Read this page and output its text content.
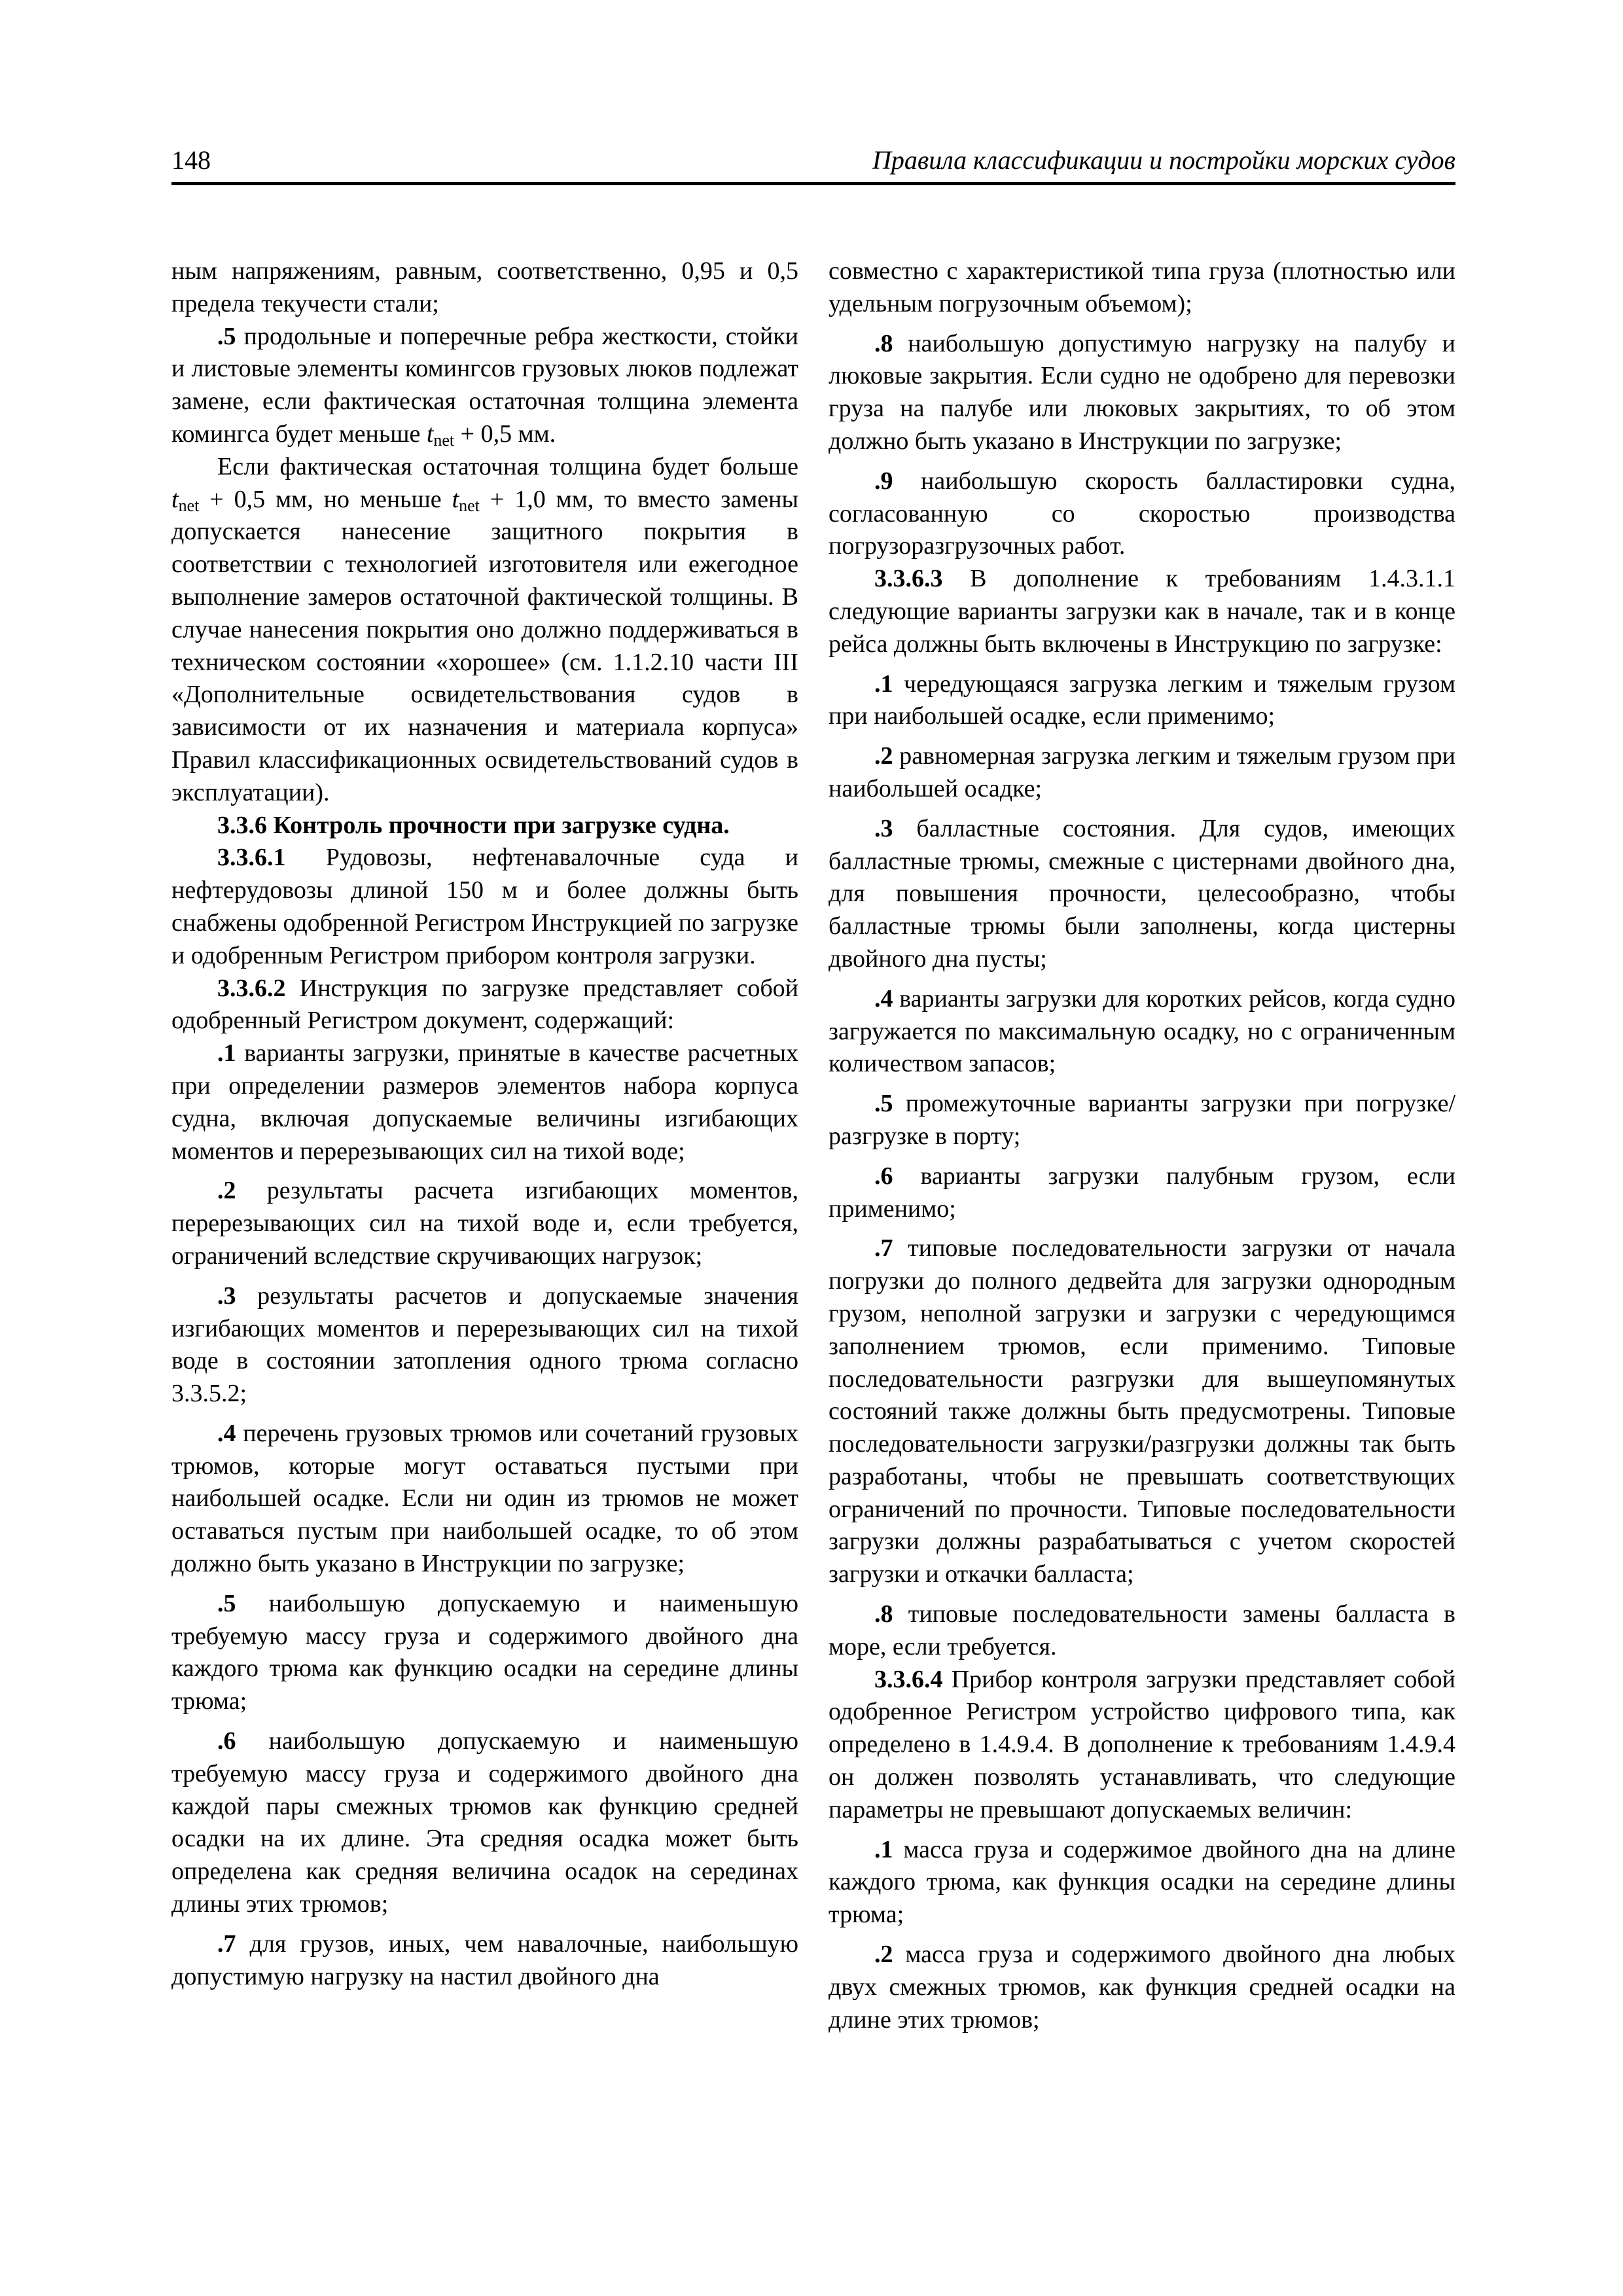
148	Правила классификации и постройки морских судов

ным напряжениям, равным, соответственно, 0,95 и 0,5 предела текучести стали;

.5 продольные и поперечные ребра жесткости, стойки и листовые элементы комингсов грузовых люков подлежат замене, если фактическая остаточная толщина элемента комингса будет меньше $t_{net} + 0,5$ мм.

Если фактическая остаточная толщина будет больше $t_{net} + 0,5$ мм, но меньше $t_{net} + 1,0$ мм, то вместо замены допускается нанесение защитного покрытия в соответствии с технологией изготовителя или ежегодное выполнение замеров остаточной фактической толщины. В случае нанесения покрытия оно должно поддерживаться в техническом состоянии «хорошее» (см. 1.1.2.10 части III «Дополнительные освидетельствования судов в зависимости от их назначения и материала корпуса» Правил классификационных освидетельствований судов в эксплуатации).

3.3.6 Контроль прочности при загрузке судна.

3.3.6.1 Рудовозы, нефтенавалочные суда и нефтерудовозы длиной 150 м и более должны быть снабжены одобренной Регистром Инструкцией по загрузке и одобренным Регистром прибором контроля загрузки.

3.3.6.2 Инструкция по загрузке представляет собой одобренный Регистром документ, содержащий:

.1 варианты загрузки, принятые в качестве расчетных при определении размеров элементов набора корпуса судна, включая допускаемые величины изгибающих моментов и перерезывающих сил на тихой воде;

.2 результаты расчета изгибающих моментов, перерезывающих сил на тихой воде и, если требуется, ограничений вследствие скручивающих нагрузок;

.3 результаты расчетов и допускаемые значения изгибающих моментов и перерезывающих сил на тихой воде в состоянии затопления одного трюма согласно 3.3.5.2;

.4 перечень грузовых трюмов или сочетаний грузовых трюмов, которые могут оставаться пустыми при наибольшей осадке. Если ни один из трюмов не может оставаться пустым при наибольшей осадке, то об этом должно быть указано в Инструкции по загрузке;

.5 наибольшую допускаемую и наименьшую требуемую массу груза и содержимого двойного дна каждого трюма как функцию осадки на середине длины трюма;

.6 наибольшую допускаемую и наименьшую требуемую массу груза и содержимого двойного дна каждой пары смежных трюмов как функцию средней осадки на их длине. Эта средняя осадка может быть определена как средняя величина осадок на серединах длины этих трюмов;

.7 для грузов, иных, чем навалочные, наибольшую допустимую нагрузку на настил двойного дна

совместно с характеристикой типа груза (плотностью или удельным погрузочным объемом);

.8 наибольшую допустимую нагрузку на палубу и люковые закрытия. Если судно не одобрено для перевозки груза на палубе или люковых закрытиях, то об этом должно быть указано в Инструкции по загрузке;

.9 наибольшую скорость балластировки судна, согласованную со скоростью производства погрузоразгрузочных работ.

3.3.6.3 В дополнение к требованиям 1.4.3.1.1 следующие варианты загрузки как в начале, так и в конце рейса должны быть включены в Инструкцию по загрузке:

.1 чередующаяся загрузка легким и тяжелым грузом при наибольшей осадке, если применимо;

.2 равномерная загрузка легким и тяжелым грузом при наибольшей осадке;

.3 балластные состояния. Для судов, имеющих балластные трюмы, смежные с цистернами двойного дна, для повышения прочности, целесообразно, чтобы балластные трюмы были заполнены, когда цистерны двойного дна пусты;

.4 варианты загрузки для коротких рейсов, когда судно загружается по максимальную осадку, но с ограниченным количеством запасов;

.5 промежуточные варианты загрузки при погрузке/разгрузке в порту;

.6 варианты загрузки палубным грузом, если применимо;

.7 типовые последовательности загрузки от начала погрузки до полного дедвейта для загрузки однородным грузом, неполной загрузки и загрузки с чередующимся заполнением трюмов, если применимо. Типовые последовательности разгрузки для вышеупомянутых состояний также должны быть предусмотрены. Типовые последовательности загрузки/разгрузки должны так быть разработаны, чтобы не превышать соответствующих ограничений по прочности. Типовые последовательности загрузки должны разрабатываться с учетом скоростей загрузки и откачки балласта;

.8 типовые последовательности замены балласта в море, если требуется.

3.3.6.4 Прибор контроля загрузки представляет собой одобренное Регистром устройство цифрового типа, как определено в 1.4.9.4. В дополнение к требованиям 1.4.9.4 он должен позволять устанавливать, что следующие параметры не превышают допускаемых величин:

.1 масса груза и содержимое двойного дна на длине каждого трюма, как функция осадки на середине длины трюма;

.2 масса груза и содержимого двойного дна любых двух смежных трюмов, как функция средней осадки на длине этих трюмов;
